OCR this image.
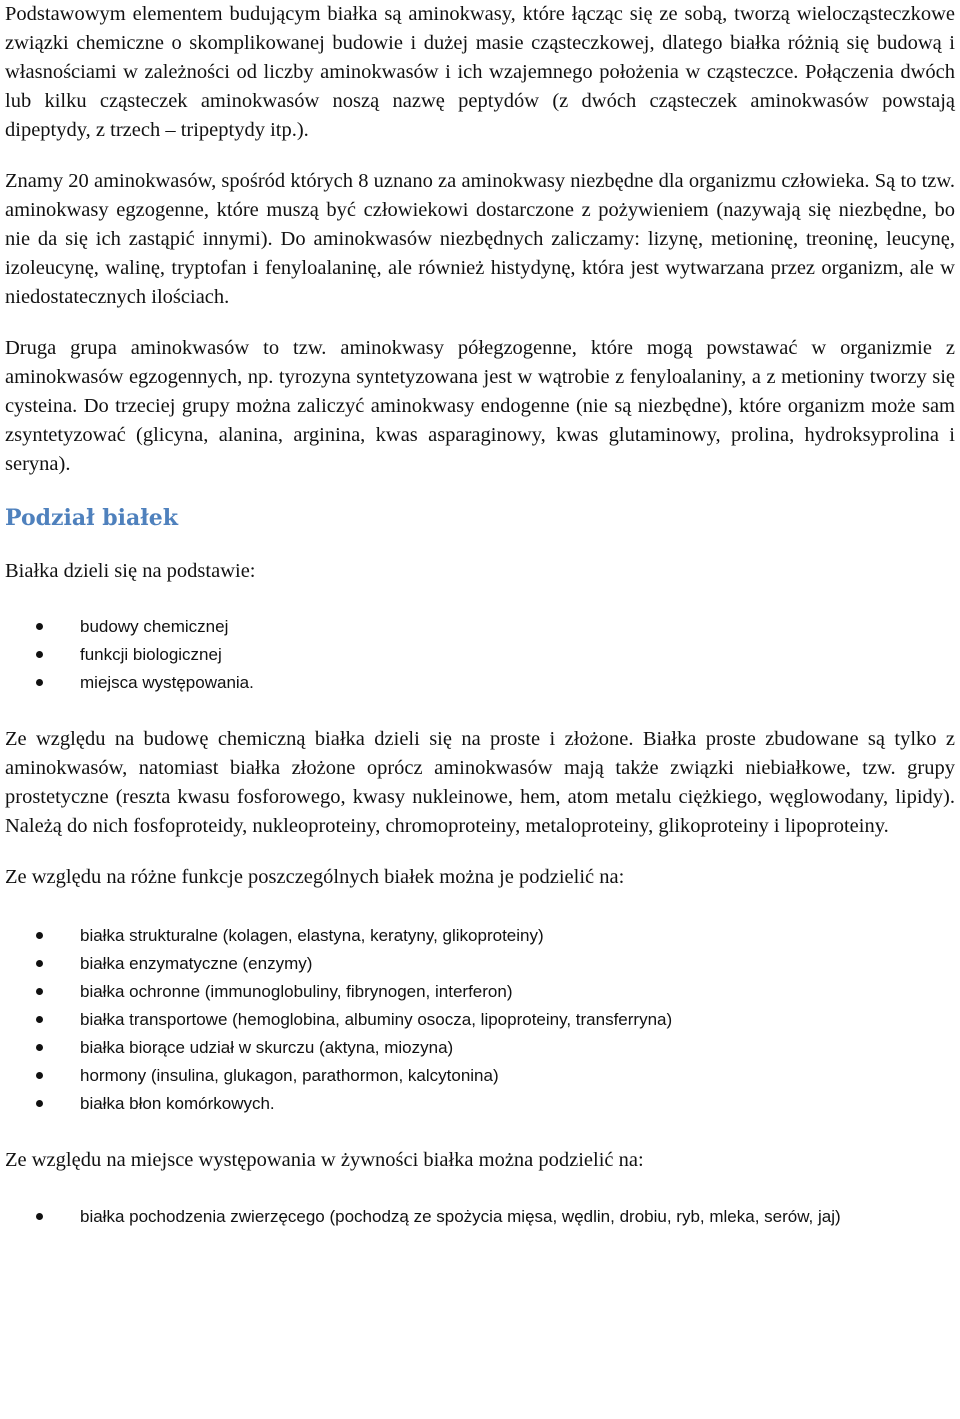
Podstawowym elementem budującym białka są aminokwasy, które łącząc się ze sobą, tworzą wielocząsteczkowe związki chemiczne o skomplikowanej budowie i dużej masie cząsteczkowej, dlatego białka różnią się budową i własnościami w zależności od liczby aminokwasów i ich wzajemnego położenia w cząsteczce. Połączenia dwóch lub kilku cząsteczek aminokwasów noszą nazwę peptydów (z dwóch cząsteczek aminokwasów powstają dipeptydy, z trzech – tripeptydy itp.).

Znamy 20 aminokwasów, spośród których 8 uznano za aminokwasy niezbędne dla organizmu człowieka. Są to tzw. aminokwasy egzogenne, które muszą być człowiekowi dostarczone z pożywieniem (nazywają się niezbędne, bo nie da się ich zastąpić innymi). Do aminokwasów niezbędnych zaliczamy: lizynę, metioninę, treoninę, leucynę, izoleucynę, walinę, tryptofan i fenyloalaninę, ale również histydynę, która jest wytwarzana przez organizm, ale w niedostatecznych ilościach.

Druga grupa aminokwasów to tzw. aminokwasy półegzogenne, które mogą powstawać w organizmie z aminokwasów egzogennych, np. tyrozyna syntetyzowana jest w wątrobie z fenyloalaniny, a z metioniny tworzy się cysteina. Do trzeciej grupy można zaliczyć aminokwasy endogenne (nie są niezbędne), które organizm może sam zsyntetyzować (glicyna, alanina, arginina, kwas asparaginowy, kwas glutaminowy, prolina, hydroksyprolina i seryna).

Podział białek

Białka dzieli się na podstawie:

budowy chemicznej
funkcji biologicznej
miejsca występowania.

Ze względu na budowę chemiczną białka dzieli się na proste i złożone. Białka proste zbudowane są tylko z aminokwasów, natomiast białka złożone oprócz aminokwasów mają także związki niebiałkowe, tzw. grupy prostetyczne (reszta kwasu fosforowego, kwasy nukleinowe, hem, atom metalu ciężkiego, węglowodany, lipidy). Należą do nich fosfoproteidy, nukleoproteiny, chromoproteiny, metaloproteiny, glikoproteiny i lipoproteiny.

Ze względu na różne funkcje poszczególnych białek można je podzielić na:

białka strukturalne (kolagen, elastyna, keratyny, glikoproteiny)
białka enzymatyczne (enzymy)
białka ochronne (immunoglobuliny, fibrynogen, interferon)
białka transportowe (hemoglobina, albuminy osocza, lipoproteiny, transferryna)
białka biorące udział w skurczu (aktyna, miozyna)
hormony (insulina, glukagon, parathormon, kalcytonina)
białka błon komórkowych.

Ze względu na miejsce występowania w żywności białka można podzielić na:

białka pochodzenia zwierzęcego (pochodzą ze spożycia mięsa, wędlin, drobiu, ryb, mleka, serów, jaj)
